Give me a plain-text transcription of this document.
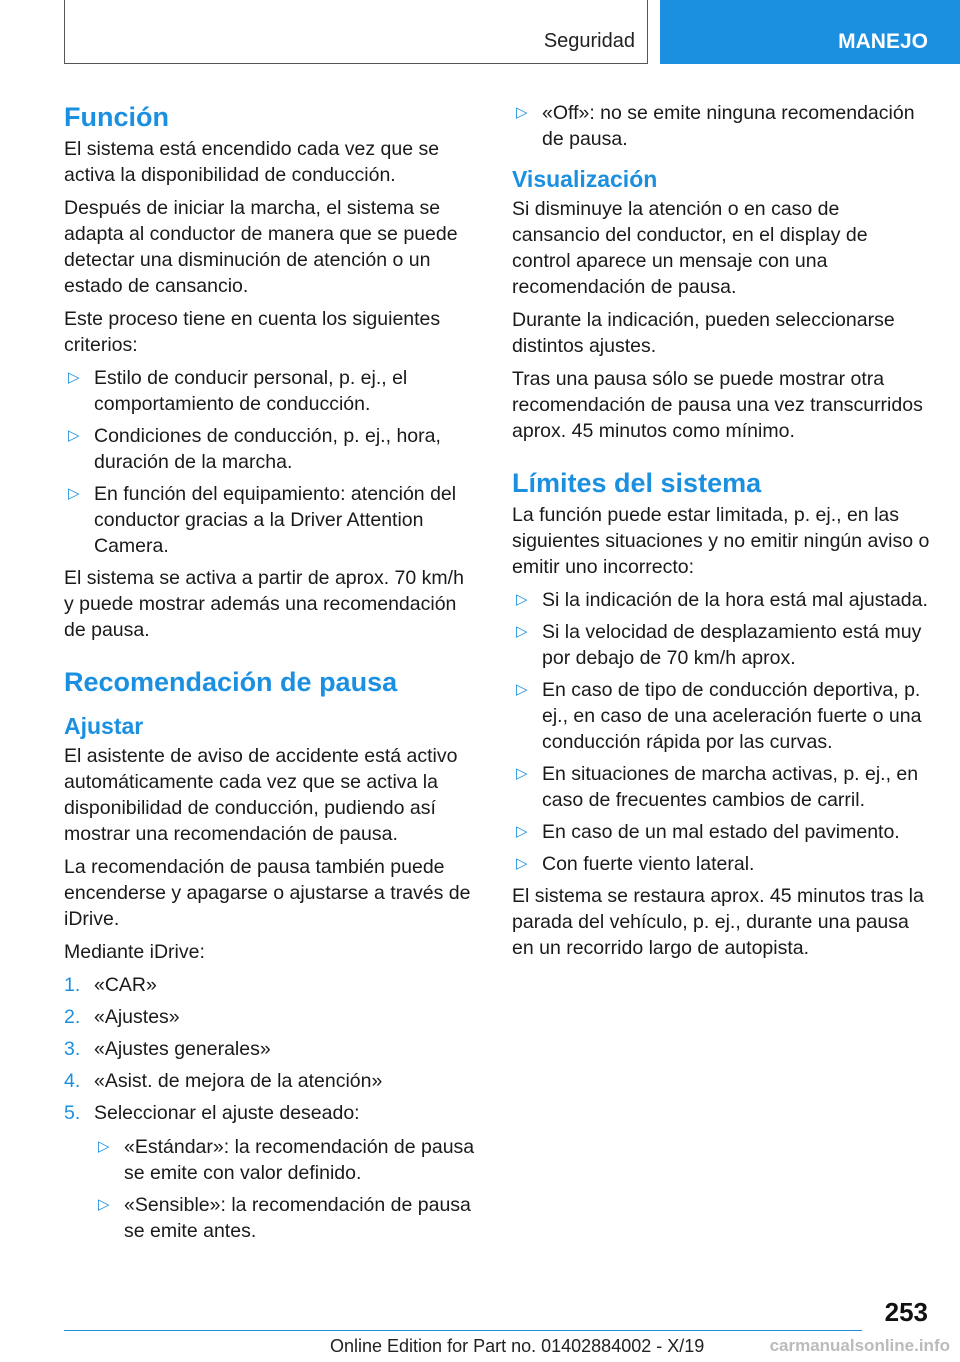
Seguridad	MANEJO
Función

El sistema está encendido cada vez que se activa la disponibilidad de conducción.

Después de iniciar la marcha, el sistema se adapta al conductor de manera que se puede detectar una disminución de atención o un estado de cansancio.

Este proceso tiene en cuenta los siguientes criterios:

▷ Estilo de conducir personal, p. ej., el comportamiento de conducción.
▷ Condiciones de conducción, p. ej., hora, duración de la marcha.
▷ En función del equipamiento: atención del conductor gracias a la Driver Attention Camera.

El sistema se activa a partir de aprox. 70 km/h y puede mostrar además una recomendación de pausa.

Recomendación de pausa
Ajustar

El asistente de aviso de accidente está activo automáticamente cada vez que se activa la disponibilidad de conducción, pudiendo así mostrar una recomendación de pausa.

La recomendación de pausa también puede encenderse y apagarse o ajustarse a través de iDrive.

Mediante iDrive:

1. «CAR»
2. «Ajustes»
3. «Ajustes generales»
4. «Asist. de mejora de la atención»
5. Seleccionar el ajuste deseado:
▷ «Estándar»: la recomendación de pausa se emite con valor definido.
▷ «Sensible»: la recomendación de pausa se emite antes.
▷ «Off»: no se emite ninguna recomendación de pausa.
Visualización

Si disminuye la atención o en caso de cansancio del conductor, en el display de control aparece un mensaje con una recomendación de pausa.

Durante la indicación, pueden seleccionarse distintos ajustes.

Tras una pausa sólo se puede mostrar otra recomendación de pausa una vez transcurridos aprox. 45 minutos como mínimo.

Límites del sistema

La función puede estar limitada, p. ej., en las siguientes situaciones y no emitir ningún aviso o emitir uno incorrecto:

▷ Si la indicación de la hora está mal ajustada.
▷ Si la velocidad de desplazamiento está muy por debajo de 70 km/h aprox.
▷ En caso de tipo de conducción deportiva, p. ej., en caso de una aceleración fuerte o una conducción rápida por las curvas.
▷ En situaciones de marcha activas, p. ej., en caso de frecuentes cambios de carril.
▷ En caso de un mal estado del pavimento.
▷ Con fuerte viento lateral.

El sistema se restaura aprox. 45 minutos tras la parada del vehículo, p. ej., durante una pausa en un recorrido largo de autopista.

253
Online Edition for Part no. 01402884002 - X/19	carmanualsonline.info
